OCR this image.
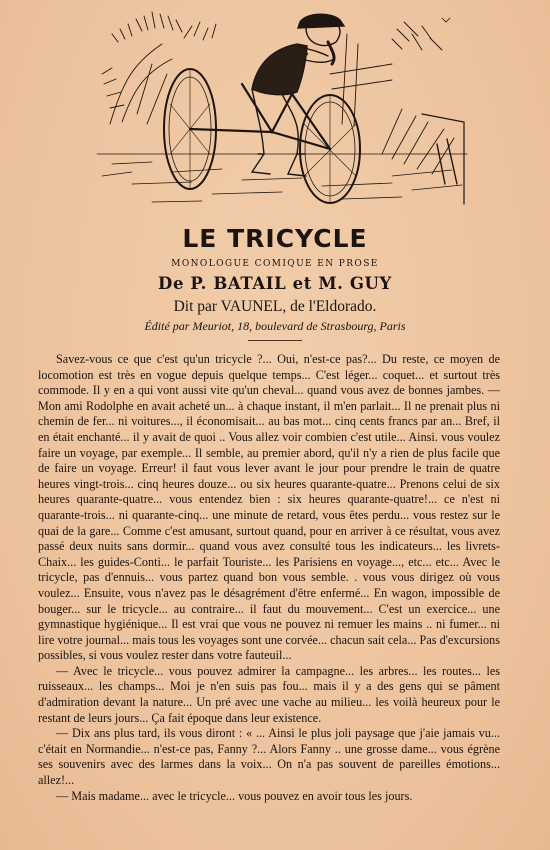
LE TRICYCLE
MONOLOGUE COMIQUE EN PROSE
De P. BATAIL et M. GUY
Dit par VAUNEL, de l'Eldorado.
Édité par Meuriot, 18, boulevard de Strasbourg, Paris

Savez-vous ce que c'est qu'un tricycle ?... Oui, n'est-ce pas?... Du reste, ce moyen de locomotion est très en vogue depuis quelque temps... C'est léger... coquet... et surtout très commode. Il y en a qui vont aussi vite qu'un cheval... quand vous avez de bonnes jambes. — Mon ami Rodolphe en avait acheté un... à chaque instant, il m'en parlait... Il ne prenait plus ni chemin de fer... ni voitures..., il économisait... au bas mot... cinq cents francs par an... Bref, il en était enchanté... il y avait de quoi .. Vous allez voir combien c'est utile... Ainsi. vous voulez faire un voyage, par exemple... Il semble, au premier abord, qu'il n'y a rien de plus facile que de faire un voyage. Erreur! il faut vous lever avant le jour pour prendre le train de quatre heures vingt-trois... cinq heures douze... ou six heures quarante-quatre... Prenons celui de six heures quarante-quatre... vous entendez bien : six heures quarante-quatre!... ce n'est ni quarante-trois... ni quarante-cinq... une minute de retard, vous êtes perdu... vous restez sur le quai de la gare... Comme c'est amusant, surtout quand, pour en arriver à ce résultat, vous avez passé deux nuits sans dormir... quand vous avez consulté tous les indicateurs... les livrets-Chaix... les guides-Conti... le parfait Touriste... les Parisiens en voyage..., etc... etc... Avec le tricycle, pas d'ennuis... vous partez quand bon vous semble. . vous vous dirigez où vous voulez... Ensuite, vous n'avez pas le désagrément d'être enfermé... En wagon, impossible de bouger... sur le tricycle... au contraire... il faut du mouvement... C'est un exercice... une gymnastique hygiénique... Il est vrai que vous ne pouvez ni remuer les mains .. ni fumer... ni lire votre journal... mais tous les voyages sont une corvée... chacun sait cela... Pas d'excursions possibles, si vous voulez rester dans votre fauteuil...

— Avec le tricycle... vous pouvez admirer la campagne... les arbres... les routes... les ruisseaux... les champs... Moi je n'en suis pas fou... mais il y a des gens qui se pâment d'admiration devant la nature... Un pré avec une vache au milieu... les voilà heureux pour le restant de leurs jours... Ça fait époque dans leur existence.

— Dix ans plus tard, ils vous diront : « ... Ainsi le plus joli paysage que j'aie jamais vu... c'était en Normandie... n'est-ce pas, Fanny ?... Alors Fanny .. une grosse dame... vous égrène ses souvenirs avec des larmes dans la voix... On n'a pas souvent de pareilles émotions... allez!...

— Mais madame... avec le tricycle... vous pouvez en avoir tous les jours.
